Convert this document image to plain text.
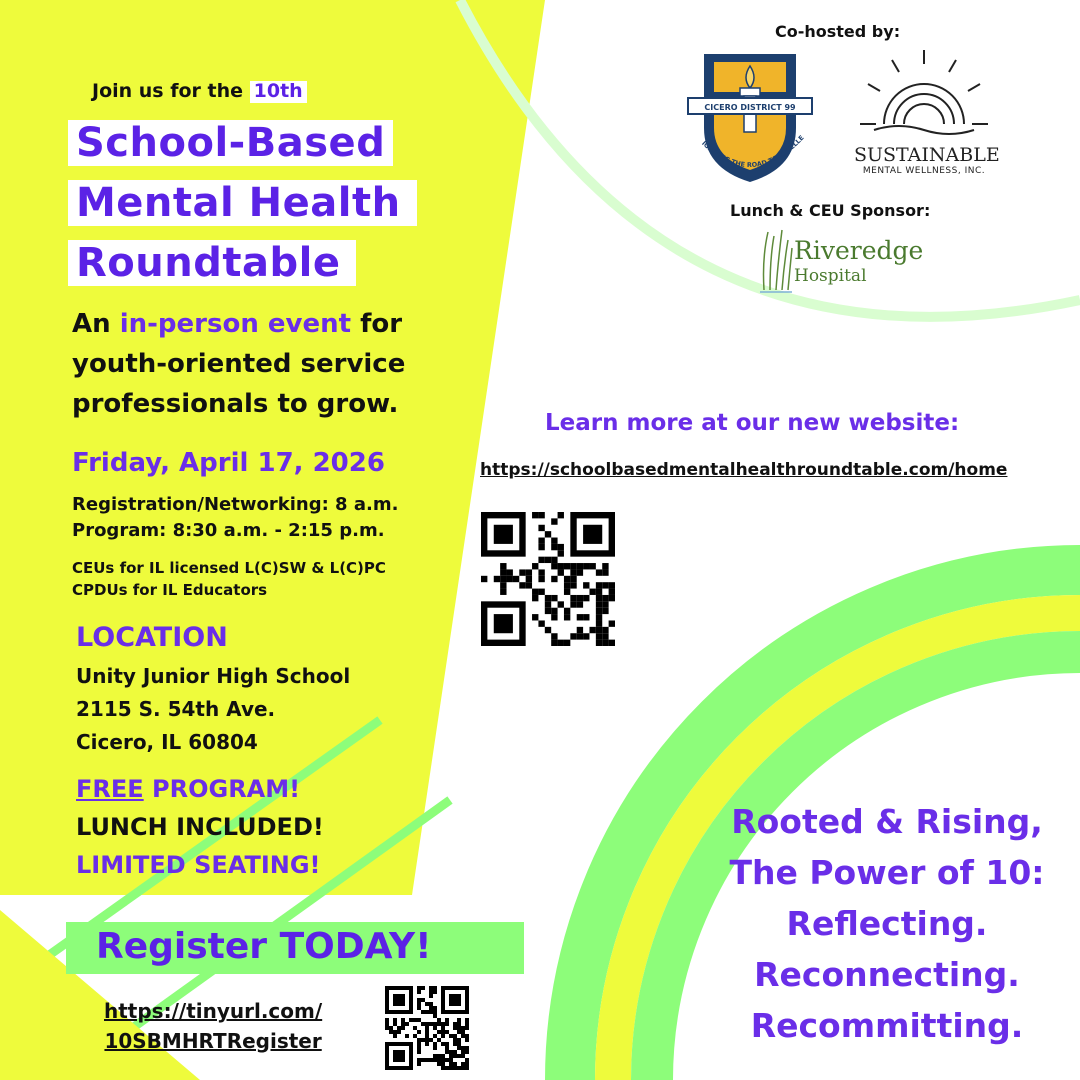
Join us for the 10th
School-Based
Mental Health
Roundtable
An in-person event for
youth-oriented service
professionals to grow.
Friday, April 17, 2026
Registration/Networking: 8 a.m.
Program: 8:30 a.m. - 2:15 p.m.
CEUs for IL licensed L(C)SW & L(C)PC
CPDUs for IL Educators
LOCATION
Unity Junior High School
2115 S. 54th Ave.
Cicero, IL 60804
FREE PROGRAM!
LUNCH INCLUDED!
LIMITED SEATING!
Register TODAY!
https://tinyurl.com/
10SBMHRTRegister
Co-hosted by:
CICERO DISTRICT 99
IGNITING THE ROAD TO EXCELLE
SUSTAINABLE
MENTAL WELLNESS, INC.
Lunch & CEU Sponsor:
Riveredge
Hospital
Learn more at our new website:
https://schoolbasedmentalhealthroundtable.com/home
Rooted & Rising,
The Power of 10:
Reflecting.
Reconnecting.
Recommitting.
